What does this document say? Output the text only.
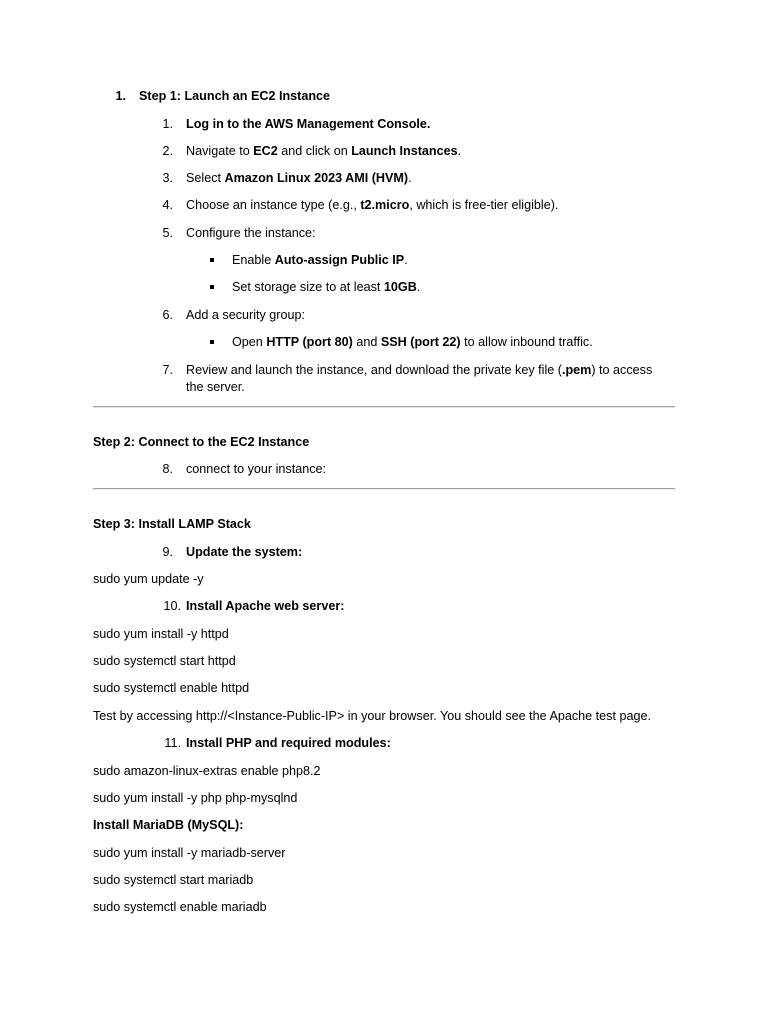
1. Step 1: Launch an EC2 Instance
1. Log in to the AWS Management Console.
2. Navigate to EC2 and click on Launch Instances.
3. Select Amazon Linux 2023 AMI (HVM).
4. Choose an instance type (e.g., t2.micro, which is free-tier eligible).
5. Configure the instance:
Enable Auto-assign Public IP.
Set storage size to at least 10GB.
6. Add a security group:
Open HTTP (port 80) and SSH (port 22) to allow inbound traffic.
7. Review and launch the instance, and download the private key file (.pem) to access
the server.
Step 2: Connect to the EC2 Instance
8. connect to your instance:
Step 3: Install LAMP Stack
9. Update the system:
sudo yum update -y
10. Install Apache web server:
sudo yum install -y httpd
sudo systemctl start httpd
sudo systemctl enable httpd
Test by accessing http://<Instance-Public-IP> in your browser. You should see the Apache test page.
11. Install PHP and required modules:
sudo amazon-linux-extras enable php8.2
sudo yum install -y php php-mysqlnd
Install MariaDB (MySQL):
sudo yum install -y mariadb-server
sudo systemctl start mariadb
sudo systemctl enable mariadb
